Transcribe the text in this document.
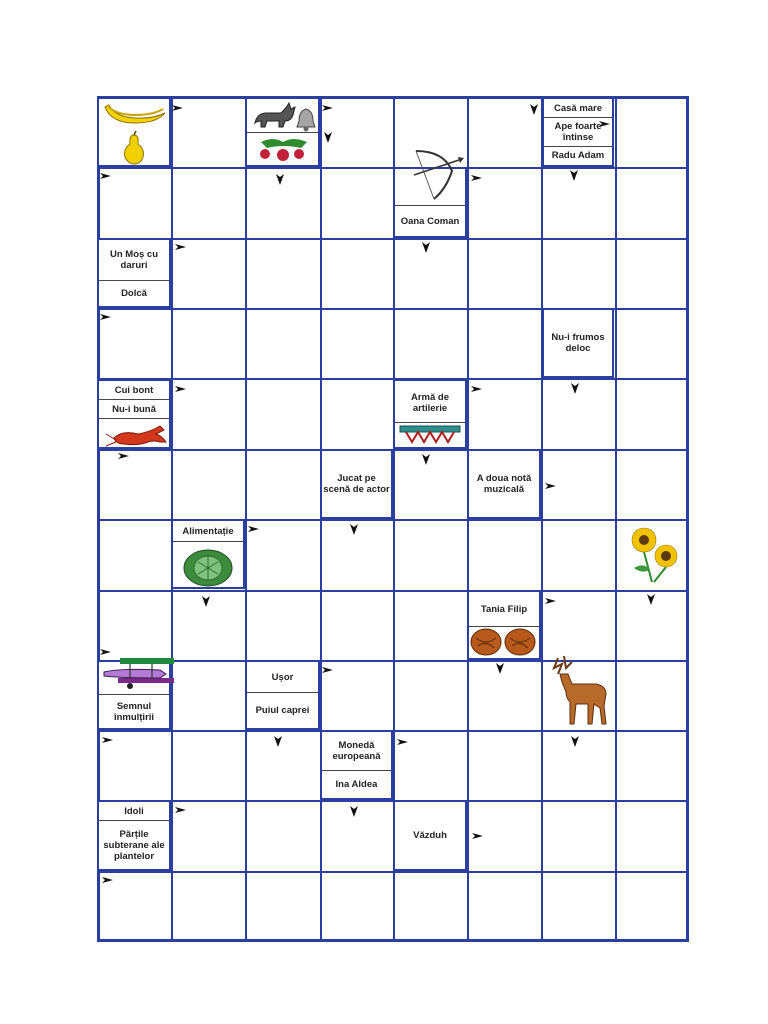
Casă mare
Ape foarte întinse
Radu Adam
Oana Coman
Un Moș cu daruri
Dolcă
Nu-i frumos deloc
Cui bont
Nu-i bună
Armă de artilerie
Jucat pe scenă de actor
A doua notă muzicală
Alimentație
Tania Filip
Semnul înmulțirii
Ușor
Puiul caprei
Monedă europeană
Ina Aldea
Idoli
Părțile subterane ale plantelor
Văzduh
